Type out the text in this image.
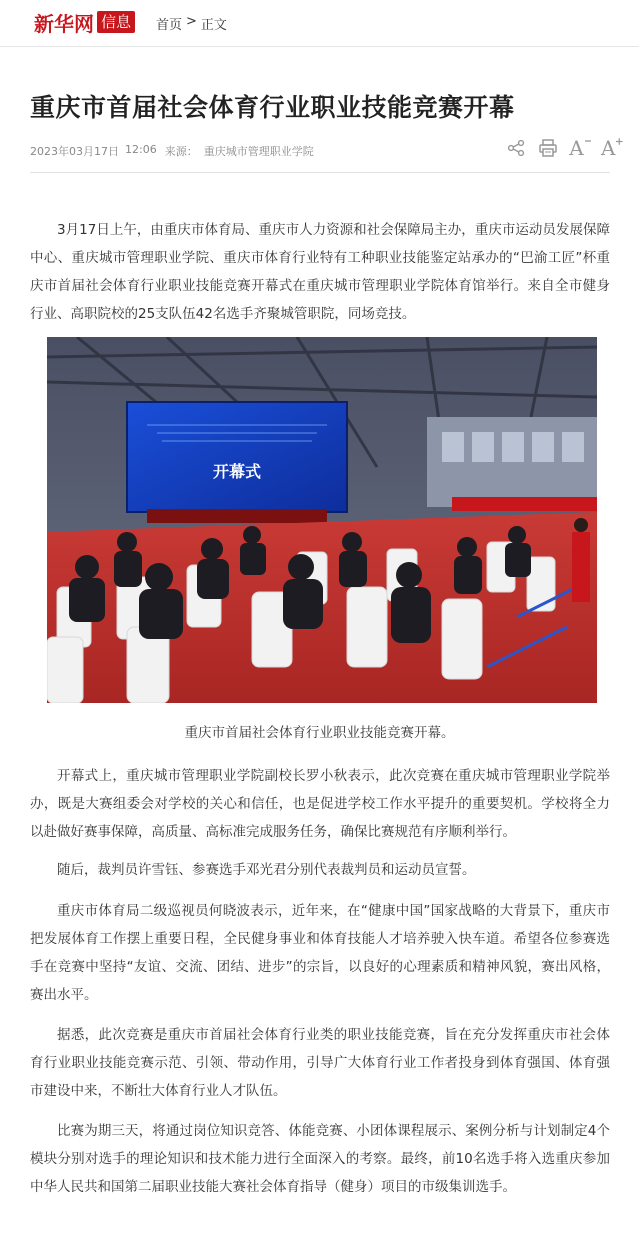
新华网 信息	首页 > 正文
重庆市首届社会体育行业职业技能竞赛开幕
2023年03月17日 12:06 来源： 重庆城市管理职业学院	A A

3月17日上午，由重庆市体育局、重庆市人力资源和社会保障局主办，重庆市运动员发展保障中心、重庆城市管理职业学院、重庆市体育行业特有工种职业技能鉴定站承办的“巴渝工匠”杯重庆市首届社会体育行业职业技能竞赛开幕式在重庆城市管理职业学院体育馆举行。来自全市健身行业、高职院校的25支队伍42名选手齐聚城管职院，同场竞技。

开幕式

重庆市首届社会体育行业职业技能竞赛开幕。

开幕式上，重庆城市管理职业学院副校长罗小秋表示，此次竞赛在重庆城市管理职业学院举办，既是大赛组委会对学校的关心和信任，也是促进学校工作水平提升的重要契机。学校将全力以赴做好赛事保障，高质量、高标准完成服务任务，确保比赛规范有序顺利举行。

随后，裁判员许雪钰、参赛选手邓光君分别代表裁判员和运动员宣誓。

重庆市体育局二级巡视员何晓波表示，近年来，在“健康中国”国家战略的大背景下，重庆市把发展体育工作摆上重要日程，全民健身事业和体育技能人才培养驶入快车道。希望各位参赛选手在竞赛中坚持“友谊、交流、团结、进步”的宗旨，以良好的心理素质和精神风貌，赛出风格，赛出水平。

据悉，此次竞赛是重庆市首届社会体育行业类的职业技能竞赛，旨在充分发挥重庆市社会体育行业职业技能竞赛示范、引领、带动作用，引导广大体育行业工作者投身到体育强国、体育强市建设中来，不断壮大体育行业人才队伍。

比赛为期三天，将通过岗位知识竞答、体能竞赛、小团体课程展示、案例分析与计划制定4个模块分别对选手的理论知识和技术能力进行全面深入的考察。最终，前10名选手将入选重庆参加中华人民共和国第二届职业技能大赛社会体育指导（健身）项目的市级集训选手。
